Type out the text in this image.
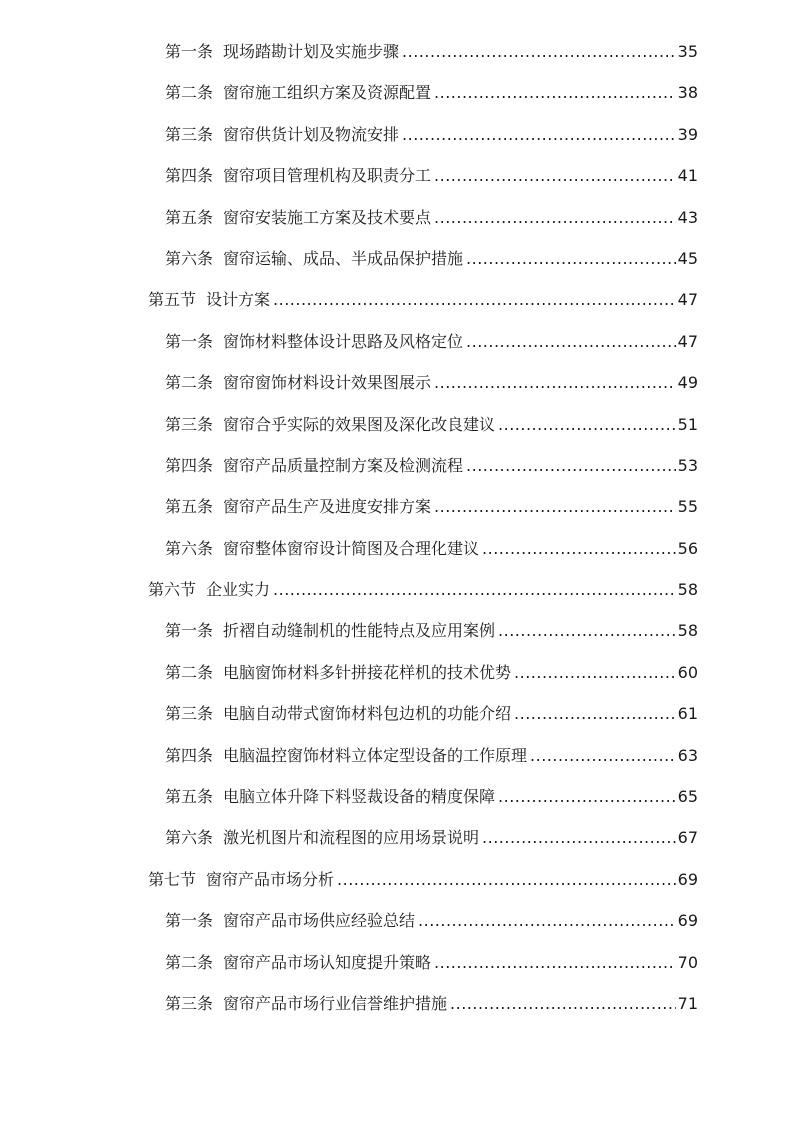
第一条 现场踏勘计划及实施步骤 .....	35
第二条 窗帘施工组织方案及资源配置 .....	38
第三条 窗帘供货计划及物流安排 .....	39
第四条 窗帘项目管理机构及职责分工 .....	41
第五条 窗帘安装施工方案及技术要点 .....	43
第六条 窗帘运输、成品、半成品保护措施 .....	45
第五节 设计方案 .....	47
第一条 窗饰材料整体设计思路及风格定位 .....	47
第二条 窗帘窗饰材料设计效果图展示 .....	49
第三条 窗帘合乎实际的效果图及深化改良建议 .....	51
第四条 窗帘产品质量控制方案及检测流程 .....	53
第五条 窗帘产品生产及进度安排方案 .....	55
第六条 窗帘整体窗帘设计简图及合理化建议 .....	56
第六节 企业实力 .....	58
第一条 折褶自动缝制机的性能特点及应用案例 .....	58
第二条 电脑窗饰材料多针拼接花样机的技术优势 .....	60
第三条 电脑自动带式窗饰材料包边机的功能介绍 .....	61
第四条 电脑温控窗饰材料立体定型设备的工作原理 .....	63
第五条 电脑立体升降下料竖裁设备的精度保障 .....	65
第六条 激光机图片和流程图的应用场景说明 .....	67
第七节 窗帘产品市场分析 .....	69
第一条 窗帘产品市场供应经验总结 .....	69
第二条 窗帘产品市场认知度提升策略 .....	70
第三条 窗帘产品市场行业信誉维护措施 .....	71
